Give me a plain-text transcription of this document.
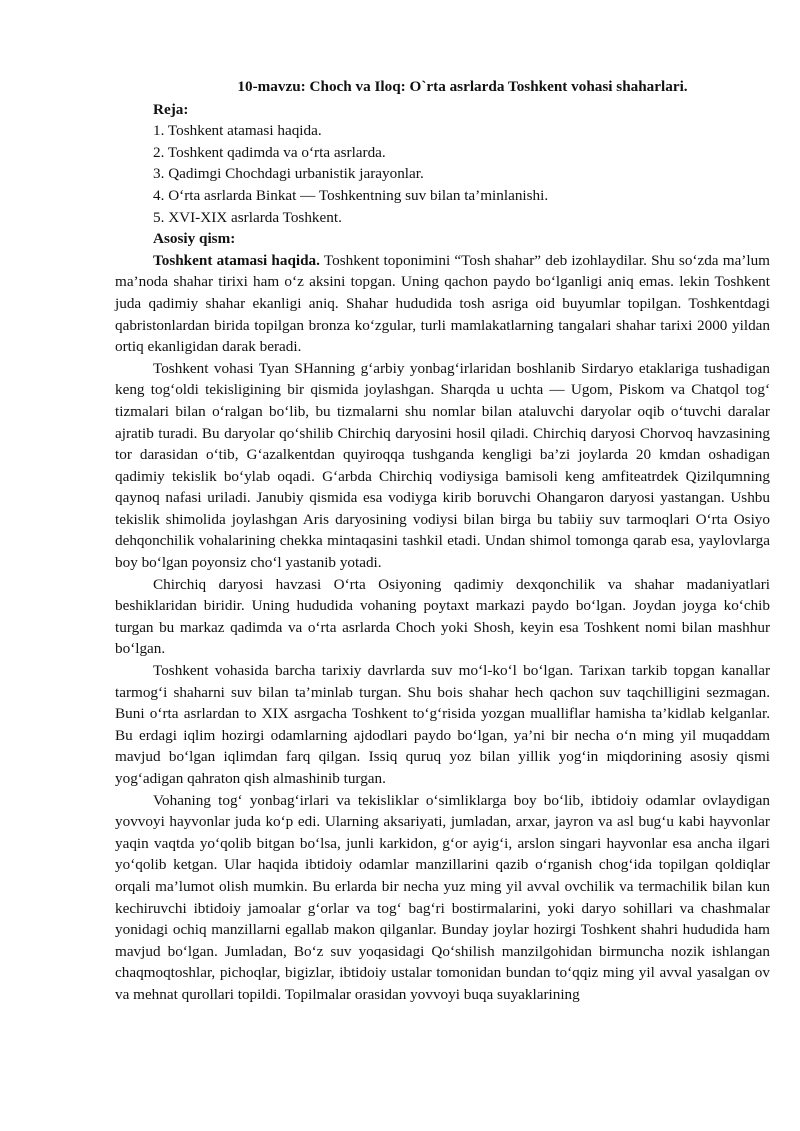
10-mavzu: Choch va Iloq: O`rta asrlarda Toshkent vohasi shaharlari.
Reja:
1. Toshkent atamasi haqida.
2. Toshkent qadimda va o‘rta asrlarda.
3. Qadimgi Chochdagi urbanistik jarayonlar.
4. O‘rta asrlarda Binkat — Toshkentning suv bilan ta’minlanishi.
5. XVI-XIX asrlarda Toshkent.
Asosiy qism:

Toshkent atamasi haqida. Toshkent toponimini “Tosh shahar” deb izohlaydilar. Shu so‘zda ma’lum ma’noda shahar tirixi ham o‘z aksini topgan. Uning qachon paydo bo‘lganligi aniq emas. lekin Toshkent juda qadimiy shahar ekanligi aniq. Shahar hududida tosh asriga oid buyumlar topilgan. Toshkentdagi qabristonlardan birida topilgan bronza ko‘zgular, turli mamlakatlarning tangalari shahar tarixi 2000 yildan ortiq ekanligidan darak beradi.

Toshkent vohasi Tyan SHanning g‘arbiy yonbag‘irlaridan boshlanib Sirdaryo etaklariga tushadigan keng tog‘oldi tekisligining bir qismida joylashgan. Sharqda u uchta — Ugom, Piskom va Chatqol tog‘ tizmalari bilan o‘ralgan bo‘lib, bu tizmalarni shu nomlar bilan ataluvchi daryolar oqib o‘tuvchi daralar ajratib turadi. Bu daryolar qo‘shilib Chirchiq daryosini hosil qiladi. Chirchiq daryosi Chorvoq havzasining tor darasidan o‘tib, G‘azalkentdan quyiroqqa tushganda kengligi ba’zi joylarda 20 kmdan oshadigan qadimiy tekislik bo‘ylab oqadi. G‘arbda Chirchiq vodiysiga bamisoli keng amfiteatrdek Qizilqumning qaynoq nafasi uriladi. Janubiy qismida esa vodiyga kirib boruvchi Ohangaron daryosi yastangan. Ushbu tekislik shimolida joylashgan Aris daryosining vodiysi bilan birga bu tabiiy suv tarmoqlari O‘rta Osiyo dehqonchilik vohalarining chekka mintaqasini tashkil etadi. Undan shimol tomonga qarab esa, yaylovlarga boy bo‘lgan poyonsiz cho‘l yastanib yotadi.

Chirchiq daryosi havzasi O‘rta Osiyoning qadimiy dexqonchilik va shahar madaniyatlari beshiklaridan biridir. Uning hududida vohaning poytaxt markazi paydo bo‘lgan. Joydan joyga ko‘chib turgan bu markaz qadimda va o‘rta asrlarda Choch yoki Shosh, keyin esa Toshkent nomi bilan mashhur bo‘lgan.

Toshkent vohasida barcha tarixiy davrlarda suv mo‘l-ko‘l bo‘lgan. Tarixan tarkib topgan kanallar tarmog‘i shaharni suv bilan ta’minlab turgan. Shu bois shahar hech qachon suv taqchilligini sezmagan. Buni o‘rta asrlardan to XIX asrgacha Toshkent to‘g‘risida yozgan mualliflar hamisha ta’kidlab kelganlar. Bu erdagi iqlim hozirgi odamlarning ajdodlari paydo bo‘lgan, ya’ni bir necha o‘n ming yil muqaddam mavjud bo‘lgan iqlimdan farq qilgan. Issiq quruq yoz bilan yillik yog‘in miqdorining asosiy qismi yog‘adigan qahraton qish almashinib turgan.

Vohaning tog‘ yonbag‘irlari va tekisliklar o‘simliklarga boy bo‘lib, ibtidoiy odamlar ovlaydigan yovvoyi hayvonlar juda ko‘p edi. Ularning aksariyati, jumladan, arxar, jayron va asl bug‘u kabi hayvonlar yaqin vaqtda yo‘qolib bitgan bo‘lsa, junli karkidon, g‘or ayig‘i, arslon singari hayvonlar esa ancha ilgari yo‘qolib ketgan. Ular haqida ibtidoiy odamlar manzillarini qazib o‘rganish chog‘ida topilgan qoldiqlar orqali ma’lumot olish mumkin. Bu erlarda bir necha yuz ming yil avval ovchilik va termachilik bilan kun kechiruvchi ibtidoiy jamoalar g‘orlar va tog‘ bag‘ri bostirmalarini, yoki daryo sohillari va chashmalar yonidagi ochiq manzillarni egallab makon qilganlar. Bunday joylar hozirgi Toshkent shahri hududida ham mavjud bo‘lgan. Jumladan, Bo‘z suv yoqasidagi Qo‘shilish manzilgohidan birmuncha nozik ishlangan chaqmoqtoshlar, pichoqlar, bigizlar, ibtidoiy ustalar tomonidan bundan to‘qqiz ming yil avval yasalgan ov va mehnat qurollari topildi. Topilmalar orasidan yovvoyi buqa suyaklarining
